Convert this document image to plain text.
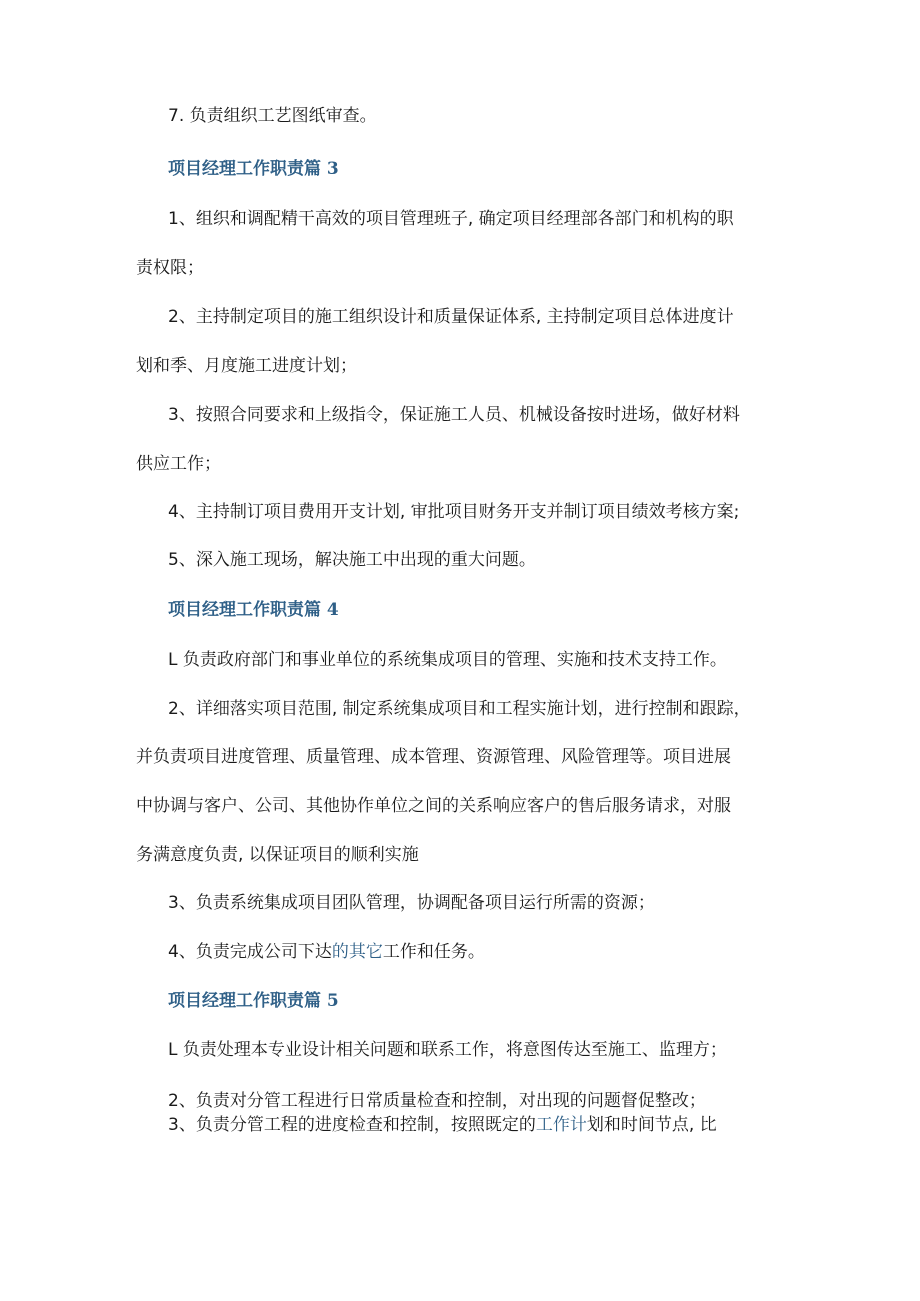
7. 负责组织工艺图纸审查。
项目经理工作职责篇 3
1、组织和调配精干高效的项目管理班子, 确定项目经理部各部门和机构的职
责权限；
2、主持制定项目的施工组织设计和质量保证体系, 主持制定项目总体进度计
划和季、月度施工进度计划；
3、按照合同要求和上级指令，保证施工人员、机械设备按时进场，做好材料
供应工作；
4、主持制订项目费用开支计划, 审批项目财务开支并制订项目绩效考核方案;
5、深入施工现场，解决施工中出现的重大问题。
项目经理工作职责篇 4
L 负责政府部门和事业单位的系统集成项目的管理、实施和技术支持工作。
2、详细落实项目范围, 制定系统集成项目和工程实施计划，进行控制和跟踪，
并负责项目进度管理、质量管理、成本管理、资源管理、风险管理等。项目进展
中协调与客户、公司、其他协作单位之间的关系响应客户的售后服务请求，对服
务满意度负责, 以保证项目的顺利实施
3、负责系统集成项目团队管理，协调配备项目运行所需的资源；
4、负责完成公司下达的其它工作和任务。
项目经理工作职责篇 5
L 负责处理本专业设计相关问题和联系工作，将意图传达至施工、监理方；
2、负责对分管工程进行日常质量检查和控制，对出现的问题督促整改；
3、负责分管工程的进度检查和控制，按照既定的工作计划和时间节点, 比
